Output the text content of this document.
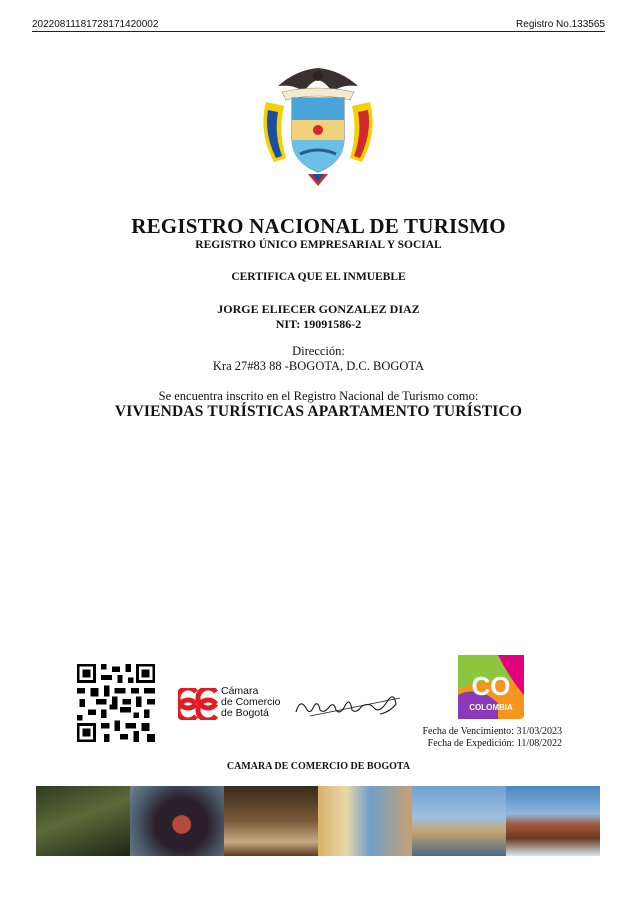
20220811181728171420002	Registro No.133565
REGISTRO NACIONAL DE TURISMO
REGISTRO ÚNICO EMPRESARIAL Y SOCIAL
CERTIFICA QUE EL INMUEBLE
JORGE ELIECER GONZALEZ DIAZ
NIT: 19091586-2
Dirección:
Kra 27#83 88 -BOGOTA, D.C. BOGOTA
Se encuentra inscrito en el Registro Nacional de Turismo como:
VIVIENDAS TURÍSTICAS APARTAMENTO TURÍSTICO
Cámara
de Comercio
de Bogotá
CO
COLOMBIA
Fecha de Vencimiento: 31/03/2023
Fecha de Expedición: 11/08/2022
CAMARA DE COMERCIO DE BOGOTA
